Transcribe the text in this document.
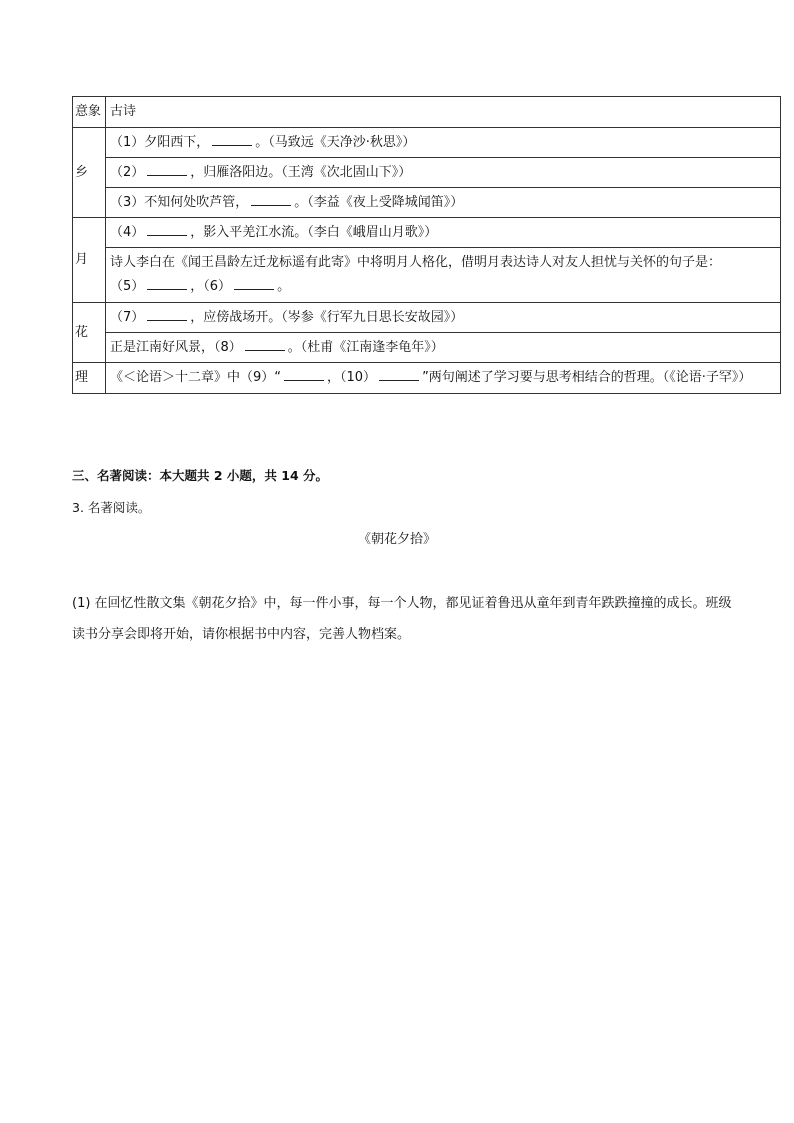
意象	古诗
乡	（1）夕阳西下， 。（马致远《天净沙·秋思》）
	（2） ，归雁洛阳边。（王湾《次北固山下》）
	（3）不知何处吹芦管， 。（李益《夜上受降城闻笛》）
月	（4） ，影入平羌江水流。（李白《峨眉山月歌》）

	诗人李白在《闻王昌龄左迁龙标遥有此寄》中将明月人格化，借明月表达诗人对友人担忧与关怀的句子是：
（5） ，（6） 。

花	（7） ，应傍战场开。（岑参《行军九日思长安故园》）
	正是江南好风景，（8） 。（杜甫《江南逢李龟年》）
理	《＜论语＞十二章》中（9）“ ，（10） ”两句阐述了学习要与思考相结合的哲理。（《论语·子罕》）
三、名著阅读：本大题共 2 小题，共 14 分。
3. 名著阅读。
《朝花夕拾》
(1) 在回忆性散文集《朝花夕拾》中，每一件小事，每一个人物，都见证着鲁迅从童年到青年跌跌撞撞的成长。班级读书分享会即将开始，请你根据书中内容，完善人物档案。
